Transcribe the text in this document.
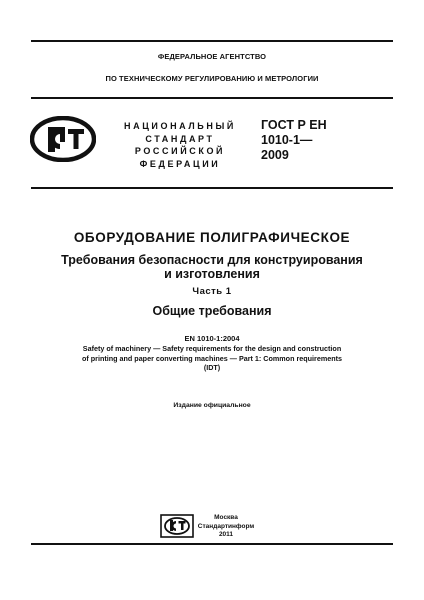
ФЕДЕРАЛЬНОЕ АГЕНТСТВО
ПО ТЕХНИЧЕСКОМУ РЕГУЛИРОВАНИЮ И МЕТРОЛОГИИ
НАЦИОНАЛЬНЫЙ
СТАНДАРТ
РОССИЙСКОЙ
ФЕДЕРАЦИИ
ГОСТ Р ЕН
1010-1—
2009
ОБОРУДОВАНИЕ ПОЛИГРАФИЧЕСКОЕ
Требования безопасности для конструирования
и изготовления
Часть 1
Общие требования
EN 1010-1:2004
Safety of machinery — Safety requirements for the design and construction
of printing and paper converting machines — Part 1: Common requirements
(IDT)
Издание официальное
Москва
Стандартинформ
2011
